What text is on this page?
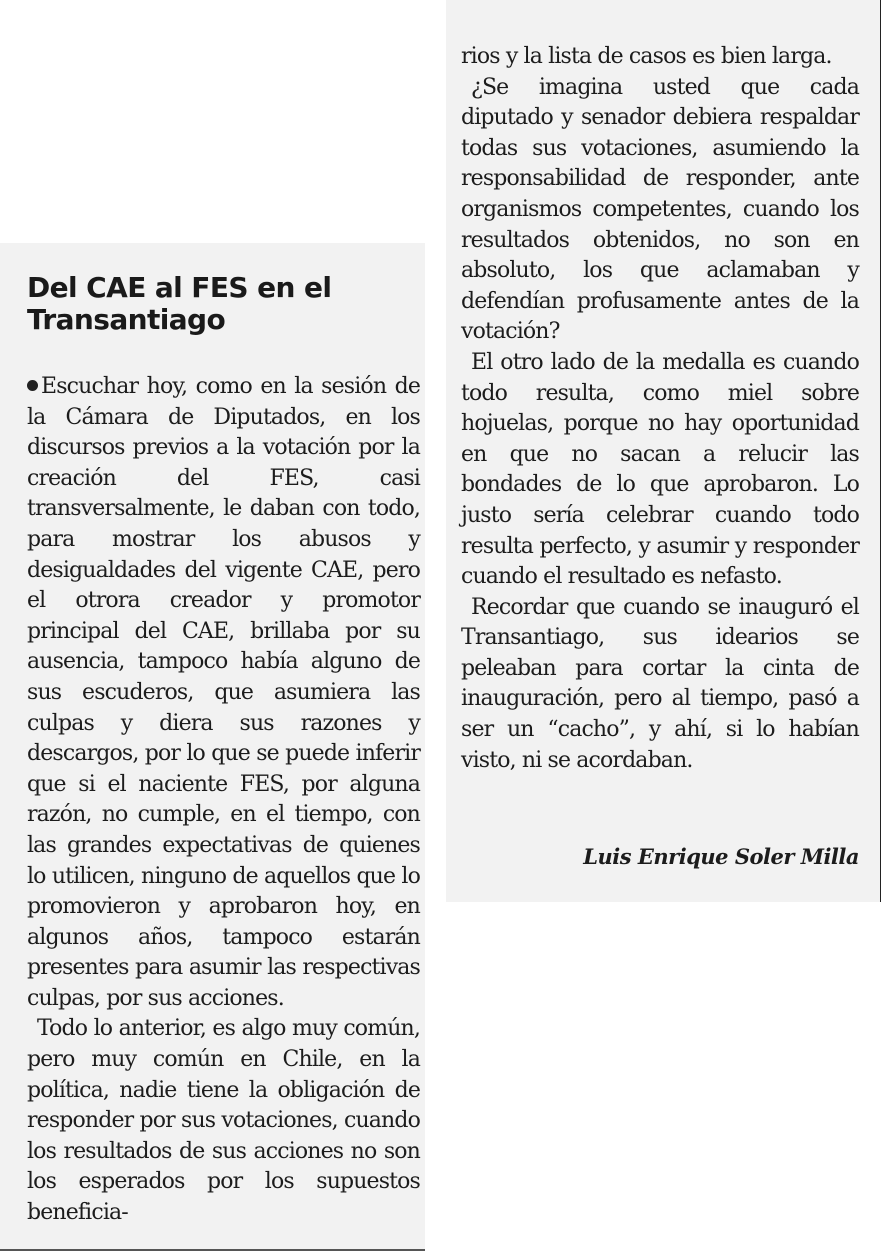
Del CAE al FES en el Transantiago

Escuchar hoy, como en la sesión de la Cámara de Diputados, en los discursos previos a la votación por la creación del FES, casi transversalmente, le daban con todo, para mostrar los abusos y desigualdades del vigente CAE, pero el otrora creador y promotor principal del CAE, brillaba por su ausencia, tampoco había alguno de sus escuderos, que asumiera las culpas y diera sus razones y descargos, por lo que se puede inferir que si el naciente FES, por alguna razón, no cumple, en el tiempo, con las grandes expectativas de quienes lo utilicen, ninguno de aquellos que lo promovieron y aprobaron hoy, en algunos años, tampoco estarán presentes para asumir las respectivas culpas, por sus acciones.

Todo lo anterior, es algo muy común, pero muy común en Chile, en la política, nadie tiene la obligación de responder por sus votaciones, cuando los resultados de sus acciones no son los esperados por los supuestos beneficia-

rios y la lista de casos es bien larga.

¿Se imagina usted que cada diputado y senador debiera respaldar todas sus votaciones, asumiendo la responsabilidad de responder, ante organismos competentes, cuando los resultados obtenidos, no son en absoluto, los que aclamaban y defendían profusamente antes de la votación?

El otro lado de la medalla es cuando todo resulta, como miel sobre hojuelas, porque no hay oportunidad en que no sacan a relucir las bondades de lo que aprobaron. Lo justo sería celebrar cuando todo resulta perfecto, y asumir y responder cuando el resultado es nefasto.

Recordar que cuando se inauguró el Transantiago, sus idearios se peleaban para cortar la cinta de inauguración, pero al tiempo, pasó a ser un “cacho”, y ahí, si lo habían visto, ni se acordaban.

Luis Enrique Soler Milla
